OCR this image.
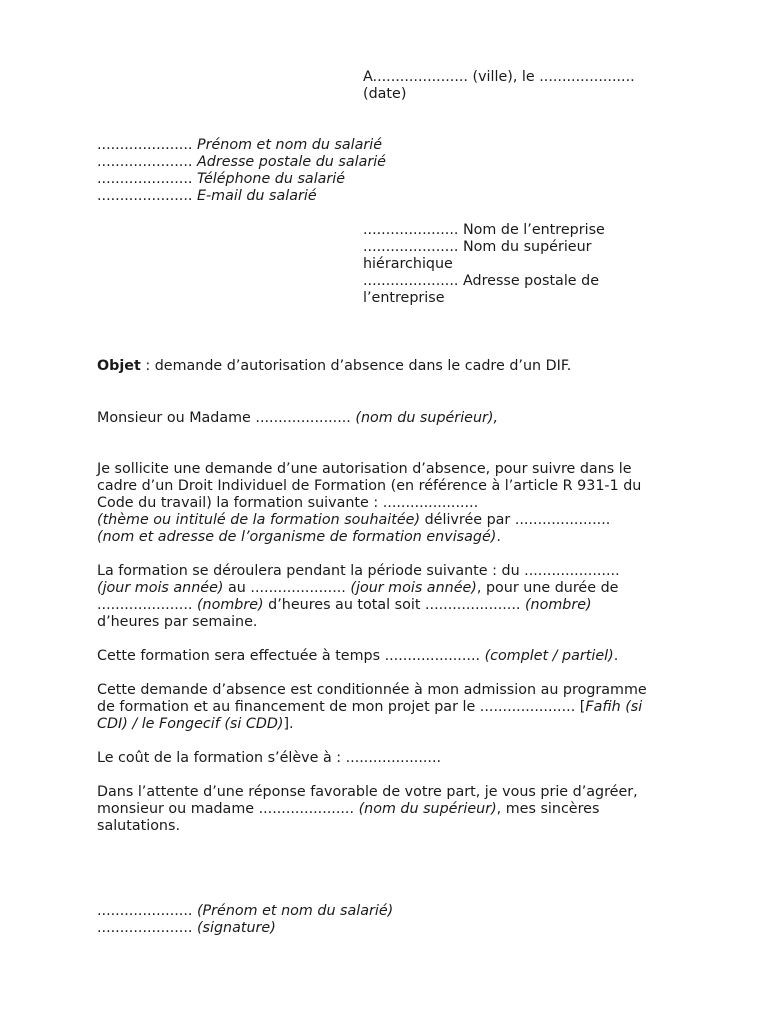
A..................... (ville), le .....................
(date)
..................... Prénom et nom du salarié
..................... Adresse postale du salarié
..................... Téléphone du salarié
..................... E-mail du salarié
..................... Nom de l’entreprise
..................... Nom du supérieur
hiérarchique
..................... Adresse postale de
l’entreprise
Objet : demande d’autorisation d’absence dans le cadre d’un DIF.
Monsieur ou Madame ..................... (nom du supérieur),
Je sollicite une demande d’une autorisation d’absence, pour suivre dans le
cadre d’un Droit Individuel de Formation (en référence à l’article R 931-1 du
Code du travail) la formation suivante : .....................
(thème ou intitulé de la formation souhaitée) délivrée par .....................
(nom et adresse de l’organisme de formation envisagé).
La formation se déroulera pendant la période suivante : du .....................
(jour mois année) au ..................... (jour mois année), pour une durée de
..................... (nombre) d’heures au total soit ..................... (nombre)
d’heures par semaine.
Cette formation sera effectuée à temps ..................... (complet / partiel).
Cette demande d’absence est conditionnée à mon admission au programme
de formation et au financement de mon projet par le ..................... [Fafih (si
CDI) / le Fongecif (si CDD)].
Le coût de la formation s’élève à : .....................
Dans l’attente d’une réponse favorable de votre part, je vous prie d’agréer,
monsieur ou madame ..................... (nom du supérieur), mes sincères
salutations.
..................... (Prénom et nom du salarié)
..................... (signature)
